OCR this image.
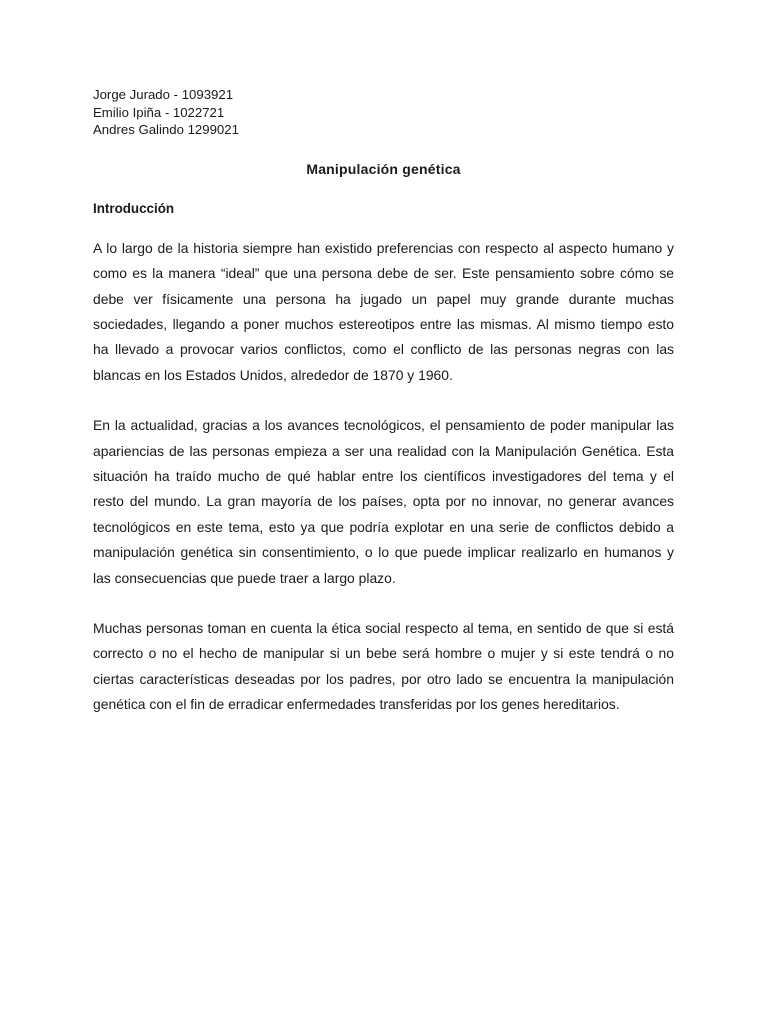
Jorge Jurado - 1093921
Emilio Ipiña - 1022721
Andres Galindo 1299021
Manipulación genética
Introducción

A lo largo de la historia siempre han existido preferencias con respecto al aspecto humano y como es la manera “ideal” que una persona debe de ser. Este pensamiento sobre cómo se debe ver físicamente una persona ha jugado un papel muy grande durante muchas sociedades, llegando a poner muchos estereotipos entre las mismas. Al mismo tiempo esto ha llevado a provocar varios conflictos, como el conflicto de las personas negras con las blancas en los Estados Unidos, alrededor de 1870 y 1960.

En la actualidad, gracias a los avances tecnológicos, el pensamiento de poder manipular las apariencias de las personas empieza a ser una realidad con la Manipulación Genética. Esta situación ha traído mucho de qué hablar entre los científicos investigadores del tema y el resto del mundo. La gran mayoría de los países, opta por no innovar, no generar avances tecnológicos en este tema, esto ya que podría explotar en una serie de conflictos debido a manipulación genética sin consentimiento, o lo que puede implicar realizarlo en humanos y las consecuencias que puede traer a largo plazo.

Muchas personas toman en cuenta la ética social respecto al tema, en sentido de que si está correcto o no el hecho de manipular si un bebe será hombre o mujer y si este tendrá o no ciertas características deseadas por los padres, por otro lado se encuentra la manipulación genética con el fin de erradicar enfermedades transferidas por los genes hereditarios.
